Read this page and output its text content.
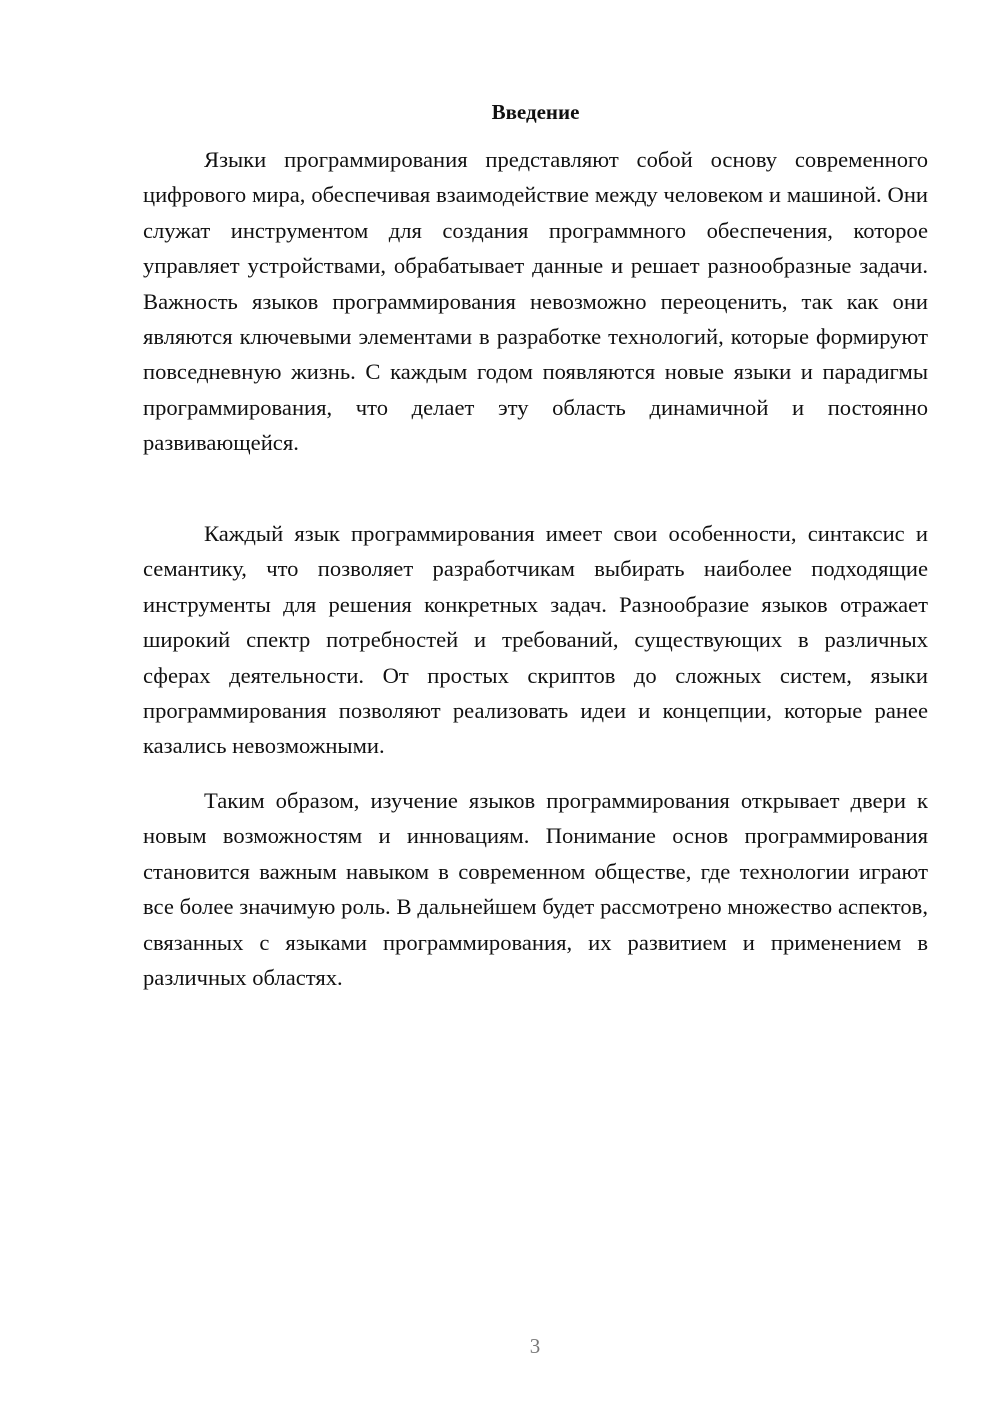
Введение

Языки программирования представляют собой основу современного цифрового мира, обеспечивая взаимодействие между человеком и машиной. Они служат инструментом для создания программного обеспечения, которое управляет устройствами, обрабатывает данные и решает разнообразные задачи. Важность языков программирования невозможно переоценить, так как они являются ключевыми элементами в разработке технологий, которые формируют повседневную жизнь. С каждым годом появляются новые языки и парадигмы программирования, что делает эту область динамичной и постоянно развивающейся.

Каждый язык программирования имеет свои особенности, синтаксис и семантику, что позволяет разработчикам выбирать наиболее подходящие инструменты для решения конкретных задач. Разнообразие языков отражает широкий спектр потребностей и требований, существующих в различных сферах деятельности. От простых скриптов до сложных систем, языки программирования позволяют реализовать идеи и концепции, которые ранее казались невозможными.

Таким образом, изучение языков программирования открывает двери к новым возможностям и инновациям. Понимание основ программирования становится важным навыком в современном обществе, где технологии играют все более значимую роль. В дальнейшем будет рассмотрено множество аспектов, связанных с языками программирования, их развитием и применением в различных областях.

3
